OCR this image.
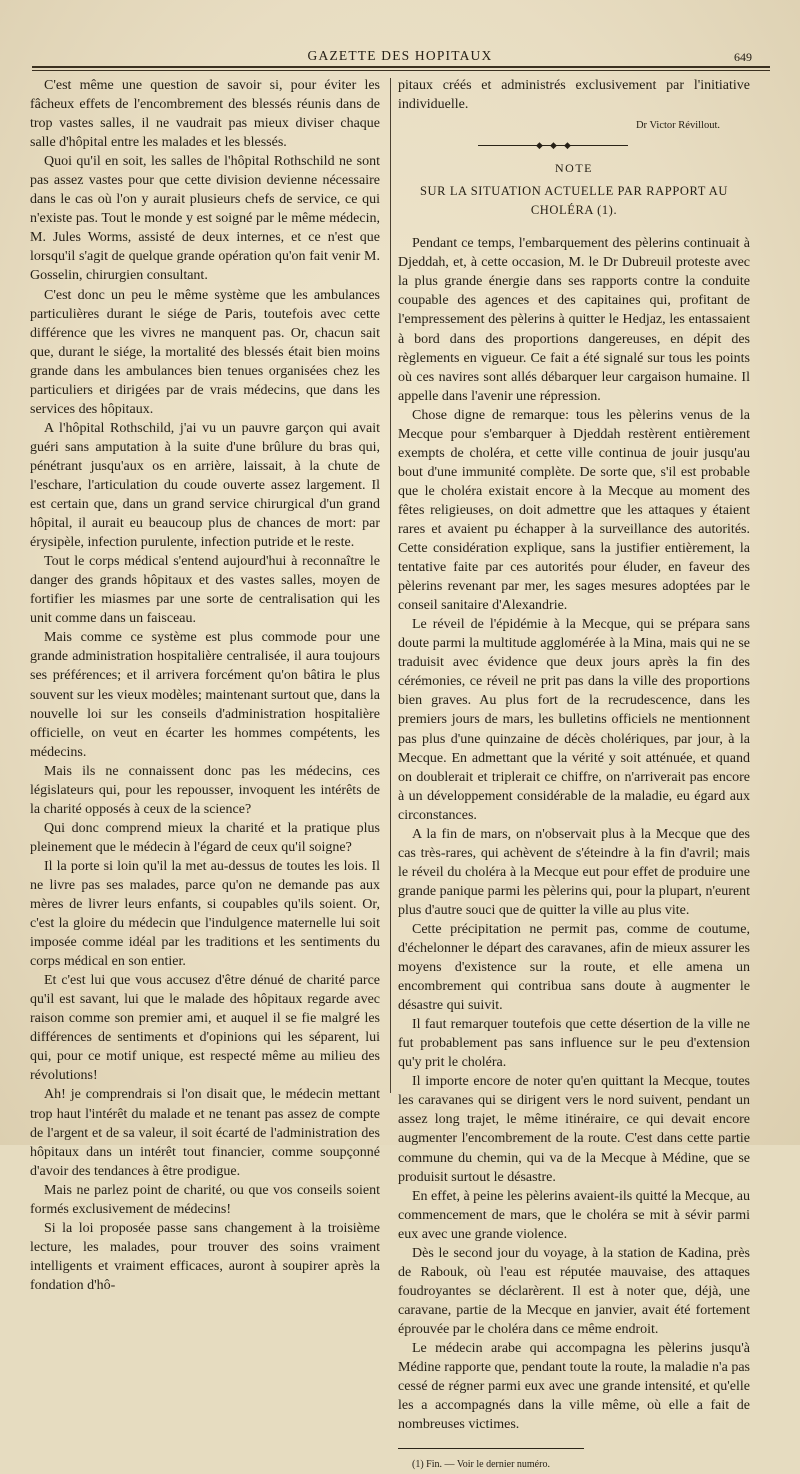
GAZETTE DES HOPITAUX	649

C'est même une question de savoir si, pour éviter les fâcheux effets de l'encombrement des blessés réunis dans de trop vastes salles, il ne vaudrait pas mieux diviser chaque salle d'hôpital entre les malades et les blessés.

Quoi qu'il en soit, les salles de l'hôpital Rothschild ne sont pas assez vastes pour que cette division devienne nécessaire dans le cas où l'on y aurait plusieurs chefs de service, ce qui n'existe pas. Tout le monde y est soigné par le même médecin, M. Jules Worms, assisté de deux internes, et ce n'est que lorsqu'il s'agit de quelque grande opération qu'on fait venir M. Gosselin, chirurgien consultant.

C'est donc un peu le même système que les ambulances particulières durant le siége de Paris, toutefois avec cette différence que les vivres ne manquent pas. Or, chacun sait que, durant le siége, la mortalité des blessés était bien moins grande dans les ambulances bien tenues organisées chez les particuliers et dirigées par de vrais médecins, que dans les services des hôpitaux.

A l'hôpital Rothschild, j'ai vu un pauvre garçon qui avait guéri sans amputation à la suite d'une brûlure du bras qui, pénétrant jusqu'aux os en arrière, laissait, à la chute de l'eschare, l'articulation du coude ouverte assez largement. Il est certain que, dans un grand service chirurgical d'un grand hôpital, il aurait eu beaucoup plus de chances de mort: par érysipèle, infection purulente, infection putride et le reste.

Tout le corps médical s'entend aujourd'hui à reconnaître le danger des grands hôpitaux et des vastes salles, moyen de fortifier les miasmes par une sorte de centralisation qui les unit comme dans un faisceau.

Mais comme ce système est plus commode pour une grande administration hospitalière centralisée, il aura toujours ses préférences; et il arrivera forcément qu'on bâtira le plus souvent sur les vieux modèles; maintenant surtout que, dans la nouvelle loi sur les conseils d'administration hospitalière officielle, on veut en écarter les hommes compétents, les médecins.

Mais ils ne connaissent donc pas les médecins, ces législateurs qui, pour les repousser, invoquent les intérêts de la charité opposés à ceux de la science?

Qui donc comprend mieux la charité et la pratique plus pleinement que le médecin à l'égard de ceux qu'il soigne?

Il la porte si loin qu'il la met au-dessus de toutes les lois. Il ne livre pas ses malades, parce qu'on ne demande pas aux mères de livrer leurs enfants, si coupables qu'ils soient. Or, c'est la gloire du médecin que l'indulgence maternelle lui soit imposée comme idéal par les traditions et les sentiments du corps médical en son entier.

Et c'est lui que vous accusez d'être dénué de charité parce qu'il est savant, lui que le malade des hôpitaux regarde avec raison comme son premier ami, et auquel il se fie malgré les différences de sentiments et d'opinions qui les séparent, lui qui, pour ce motif unique, est respecté même au milieu des révolutions!

Ah! je comprendrais si l'on disait que, le médecin mettant trop haut l'intérêt du malade et ne tenant pas assez de compte de l'argent et de sa valeur, il soit écarté de l'administration des hôpitaux dans un intérêt tout financier, comme soupçonné d'avoir des tendances à être prodigue.

Mais ne parlez point de charité, ou que vos conseils soient formés exclusivement de médecins!

Si la loi proposée passe sans changement à la troisième lecture, les malades, pour trouver des soins vraiment intelligents et vraiment efficaces, auront à soupirer après la fondation d'hô-

pitaux créés et administrés exclusivement par l'initiative individuelle.

Dr Victor Révillout.
◆ ◆ ◆
NOTE
SUR LA SITUATION ACTUELLE PAR RAPPORT AU CHOLÉRA (1).

Pendant ce temps, l'embarquement des pèlerins continuait à Djeddah, et, à cette occasion, M. le Dr Dubreuil proteste avec la plus grande énergie dans ses rapports contre la conduite coupable des agences et des capitaines qui, profitant de l'empressement des pèlerins à quitter le Hedjaz, les entassaient à bord dans des proportions dangereuses, en dépit des règlements en vigueur. Ce fait a été signalé sur tous les points où ces navires sont allés débarquer leur cargaison humaine. Il appelle dans l'avenir une répression.

Chose digne de remarque: tous les pèlerins venus de la Mecque pour s'embarquer à Djeddah restèrent entièrement exempts de choléra, et cette ville continua de jouir jusqu'au bout d'une immunité complète. De sorte que, s'il est probable que le choléra existait encore à la Mecque au moment des fêtes religieuses, on doit admettre que les attaques y étaient rares et avaient pu échapper à la surveillance des autorités. Cette considération explique, sans la justifier entièrement, la tentative faite par ces autorités pour éluder, en faveur des pèlerins revenant par mer, les sages mesures adoptées par le conseil sanitaire d'Alexandrie.

Le réveil de l'épidémie à la Mecque, qui se prépara sans doute parmi la multitude agglomérée à la Mina, mais qui ne se traduisit avec évidence que deux jours après la fin des cérémonies, ce réveil ne prit pas dans la ville des proportions bien graves. Au plus fort de la recrudescence, dans les premiers jours de mars, les bulletins officiels ne mentionnent pas plus d'une quinzaine de décès cholériques, par jour, à la Mecque. En admettant que la vérité y soit atténuée, et quand on doublerait et triplerait ce chiffre, on n'arriverait pas encore à un développement considérable de la maladie, eu égard aux circonstances.

A la fin de mars, on n'observait plus à la Mecque que des cas très-rares, qui achèvent de s'éteindre à la fin d'avril; mais le réveil du choléra à la Mecque eut pour effet de produire une grande panique parmi les pèlerins qui, pour la plupart, n'eurent plus d'autre souci que de quitter la ville au plus vite.

Cette précipitation ne permit pas, comme de coutume, d'échelonner le départ des caravanes, afin de mieux assurer les moyens d'existence sur la route, et elle amena un encombrement qui contribua sans doute à augmenter le désastre qui suivit.

Il faut remarquer toutefois que cette désertion de la ville ne fut probablement pas sans influence sur le peu d'extension qu'y prit le choléra.

Il importe encore de noter qu'en quittant la Mecque, toutes les caravanes qui se dirigent vers le nord suivent, pendant un assez long trajet, le même itinéraire, ce qui devait encore augmenter l'encombrement de la route. C'est dans cette partie commune du chemin, qui va de la Mecque à Médine, que se produisit surtout le désastre.

En effet, à peine les pèlerins avaient-ils quitté la Mecque, au commencement de mars, que le choléra se mit à sévir parmi eux avec une grande violence.

Dès le second jour du voyage, à la station de Kadina, près de Rabouk, où l'eau est réputée mauvaise, des attaques foudroyantes se déclarèrent. Il est à noter que, déjà, une caravane, partie de la Mecque en janvier, avait été fortement éprouvée par le choléra dans ce même endroit.

Le médecin arabe qui accompagna les pèlerins jusqu'à Médine rapporte que, pendant toute la route, la maladie n'a pas cessé de régner parmi eux avec une grande intensité, et qu'elle les a accompagnés dans la ville même, où elle a fait de nombreuses victimes.

(1) Fin. — Voir le dernier numéro.
